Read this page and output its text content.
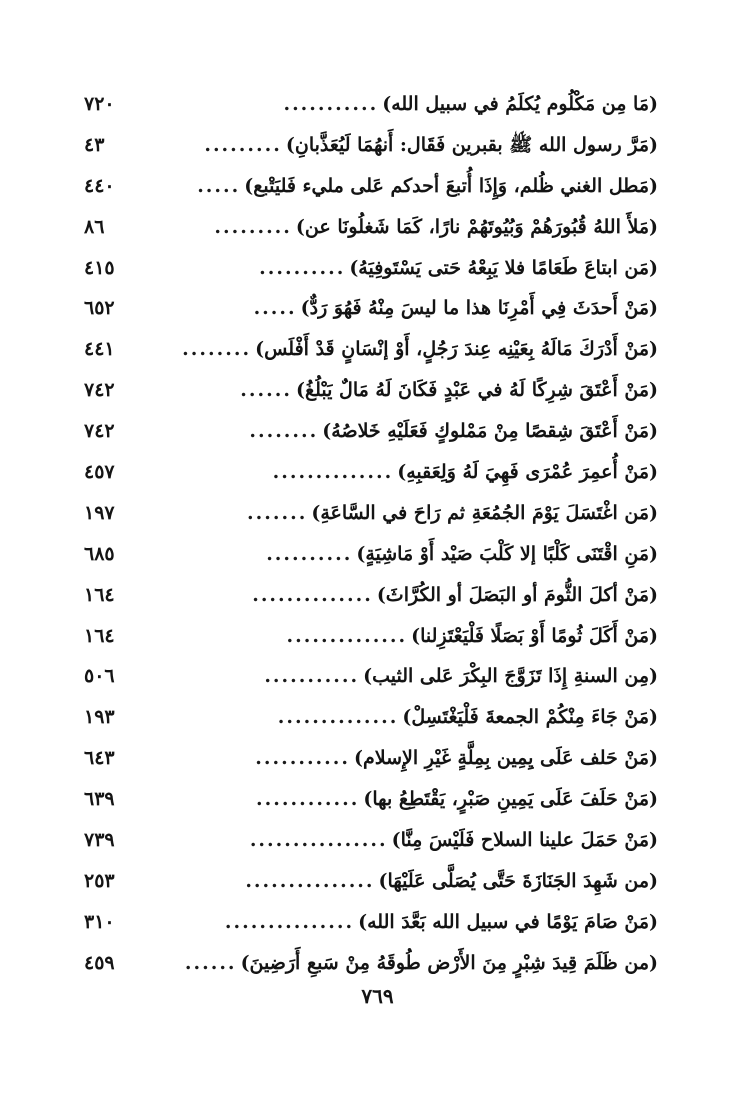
(مَا مِن مَكْلُوم يُكلَمُ في سبيل الله)
...........
٧٢٠
(مَرَّ رسول الله ﷺ بقبرين فَقَال: أَنهُمَا لَيُعَذَّبانِ)
.........
٤٣
(مَطل الغني ظُلم، وَإِذَا أُتبعَ أحدكم عَلى مليء فَليَتْبع)
.....
٤٤٠
(مَلأَ اللهُ قُبُورَهُمْ وَبُيُوتَهُمْ نارًا، كَمَا شَغلُونَا عن)
.........
٨٦
(مَن ابتاعَ طَعَامًا فلا يَبِعْهُ حَتى يَسْتَوفِيَهُ)
..........
٤١٥
(مَنْ أَحدَثَ فِي أَمْرِنَا هذا ما ليسَ مِنْهُ فَهُوَ رَدٌّ)
.....
٦٥٢
(مَنْ أَدْرَكَ مَالَهُ بِعَيْنِه عِندَ رَجُلٍ، أَوْ إنْسَانٍ قَدْ أَفْلَس)
........
٤٤١
(مَنْ أَعْتَقَ شِرِكًا لَهُ في عَبْدٍ فَكَانَ لَهُ مَالٌ يَبْلُغُ)
......
٧٤٢
(مَنْ أَعْتَقَ شِقصًا مِنْ مَمْلوكٍ فَعَلَيْهِ خَلاصُهُ)
........
٧٤٢
(مَنْ أُعمِرَ عُمْرَى فَهِيَ لَهُ وَلِعَقبِهِ)
..............
٤٥٧
(مَن اغْتَسَلَ يَوْمَ الجُمُعَةِ ثم رَاحَ في السَّاعَةِ)
.......
١٩٧
(مَنِ اقْتَنَى كَلْبًا إلا كَلْبَ صَيْد أَوْ مَاشِيَةٍ)
..........
٦٨٥
(مَنْ أكلَ الثُّومَ أو البَصَلَ أو الكُرَّاثَ)
..............
١٦٤
(مَنْ أَكَلَ ثُومًا أَوْ بَصَلًا فَلْيَعْتَزِلنا)
..............
١٦٤
(مِن السنةِ إِذَا تَزَوَّجَ البِكْرَ عَلى الثيب)
...........
٥٠٦
(مَنْ جَاءَ مِنْكُمْ الجمعةَ فَلْيَغْتَسِلْ)
..............
١٩٣
(مَنْ حَلف عَلَى يِمِين بِمِلَّةٍ غَيْرِ الإِسلام)
...........
٦٤٣
(مَنْ حَلَفَ عَلَى يَمِينِ صَبْرٍ، يَقْتَطِعُ بها)
............
٦٣٩
(مَنْ حَمَلَ علينا السلاح فَلَيْسَ مِنَّا)
................
٧٣٩
(من شَهِدَ الجَنَازَةَ حَتَّى يُصَلَّى عَلَيْهَا)
...............
٢٥٣
(مَنْ صَامَ يَوْمًا في سبيل الله بَعَّدَ الله)
...............
٣١٠
(من ظَلَمَ قِيدَ شِبْرٍ مِنَ الأَرْض طُوقَهُ مِنْ سَبعِ أَرَضِينَ)
......
٤٥٩
٧٦٩
